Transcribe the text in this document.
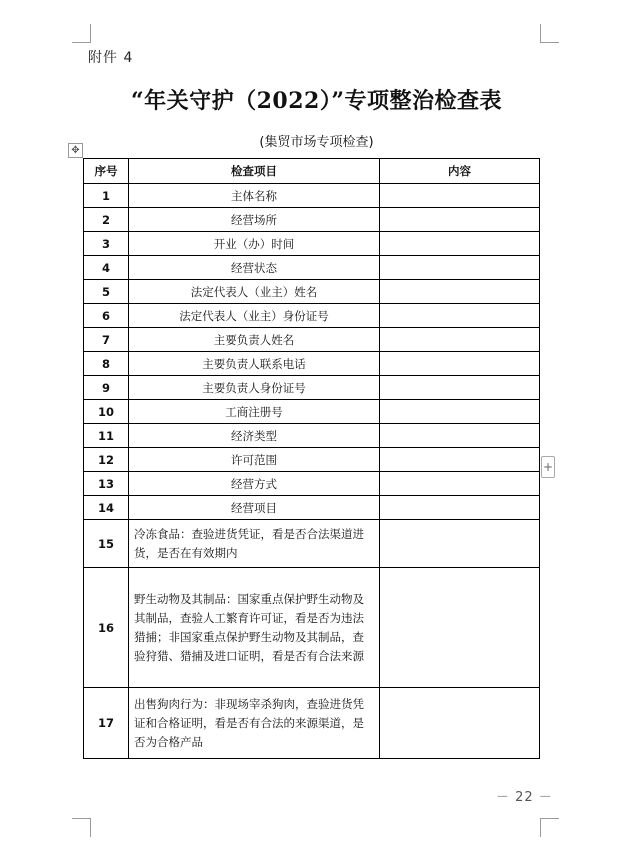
附件 4
“年关守护（2022）”专项整治检查表
(集贸市场专项检查)
✥
+
序号	检查项目	内容
1	主体名称	
2	经营场所	
3	开业（办）时间	
4	经营状态	
5	法定代表人（业主）姓名	
6	法定代表人（业主）身份证号	
7	主要负责人姓名	
8	主要负责人联系电话	
9	主要负责人身份证号	
10	工商注册号	
11	经济类型	
12	许可范围	
13	经营方式	
14	经营项目	
15	冷冻食品：查验进货凭证，看是否合法渠道进货，是否在有效期内	
16	野生动物及其制品：国家重点保护野生动物及其制品，查验人工繁育许可证，看是否为违法猎捕；非国家重点保护野生动物及其制品，查验狩猎、猎捕及进口证明，看是否有合法来源	
17	出售狗肉行为：非现场宰杀狗肉，查验进货凭证和合格证明，看是否有合法的来源渠道，是否为合格产品	
－ 22 －
